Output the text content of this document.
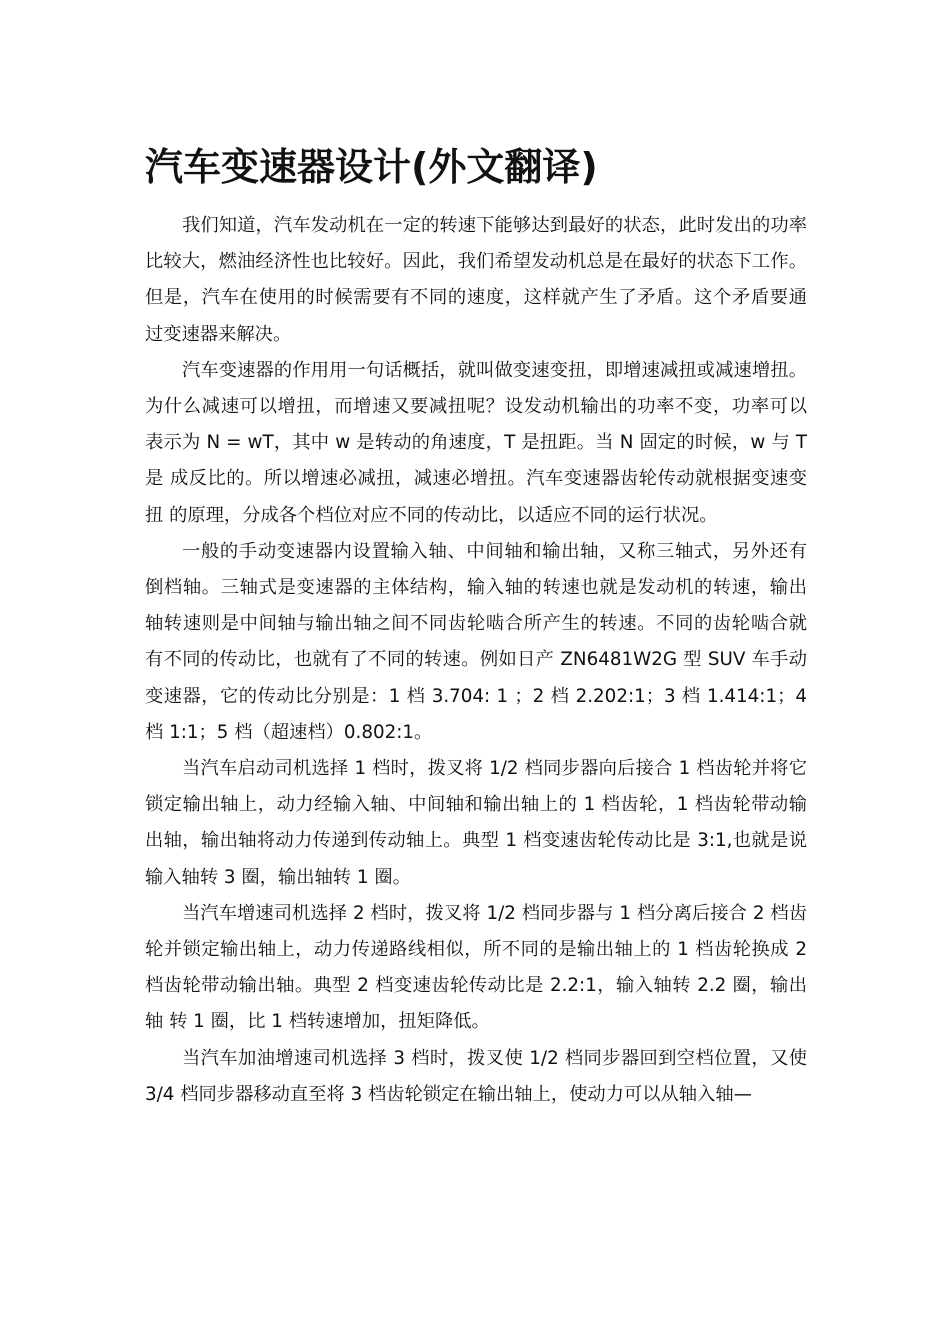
汽车变速器设计(外文翻译)

我们知道，汽车发动机在一定的转速下能够达到最好的状态，此时发出的功率比较大，燃油经济性也比较好。因此，我们希望发动机总是在最好的状态下工作。 但是，汽车在使用的时候需要有不同的速度，这样就产生了矛盾。这个矛盾要通 过变速器来解决。

汽车变速器的作用用一句话概括，就叫做变速变扭，即增速减扭或减速增扭。 为什么减速可以增扭，而增速又要减扭呢？设发动机输出的功率不变，功率可以 表示为 N = wT，其中 w 是转动的角速度，T 是扭距。当 N 固定的时候，w 与 T 是 成反比的。所以增速必减扭，减速必增扭。汽车变速器齿轮传动就根据变速变扭 的原理，分成各个档位对应不同的传动比，以适应不同的运行状况。

一般的手动变速器内设置输入轴、中间轴和输出轴，又称三轴式，另外还有 倒档轴。三轴式是变速器的主体结构，输入轴的转速也就是发动机的转速，输出 轴转速则是中间轴与输出轴之间不同齿轮啮合所产生的转速。不同的齿轮啮合就 有不同的传动比，也就有了不同的转速。例如日产 ZN6481W2G 型 SUV 车手动 变速器，它的传动比分别是：1 档 3.704: 1 ；2 档 2.202:1；3 档 1.414:1；4 档 1:1；5 档（超速档）0.802:1。

当汽车启动司机选择 1 档时，拨叉将 1/2 档同步器向后接合 1 档齿轮并将它 锁定输出轴上，动力经输入轴、中间轴和输出轴上的 1 档齿轮，1 档齿轮带动输 出轴，输出轴将动力传递到传动轴上。典型 1 档变速齿轮传动比是 3:1,也就是说输入轴转 3 圈，输出轴转 1 圈。

当汽车增速司机选择 2 档时，拨叉将 1/2 档同步器与 1 档分离后接合 2 档齿 轮并锁定输出轴上，动力传递路线相似，所不同的是输出轴上的 1 档齿轮换成 2 档齿轮带动输出轴。典型 2 档变速齿轮传动比是 2.2:1，输入轴转 2.2 圈，输出轴 转 1 圈，比 1 档转速增加，扭矩降低。

当汽车加油增速司机选择 3 档时，拨叉使 1/2 档同步器回到空档位置，又使 3/4 档同步器移动直至将 3 档齿轮锁定在输出轴上，使动力可以从轴入轴—
